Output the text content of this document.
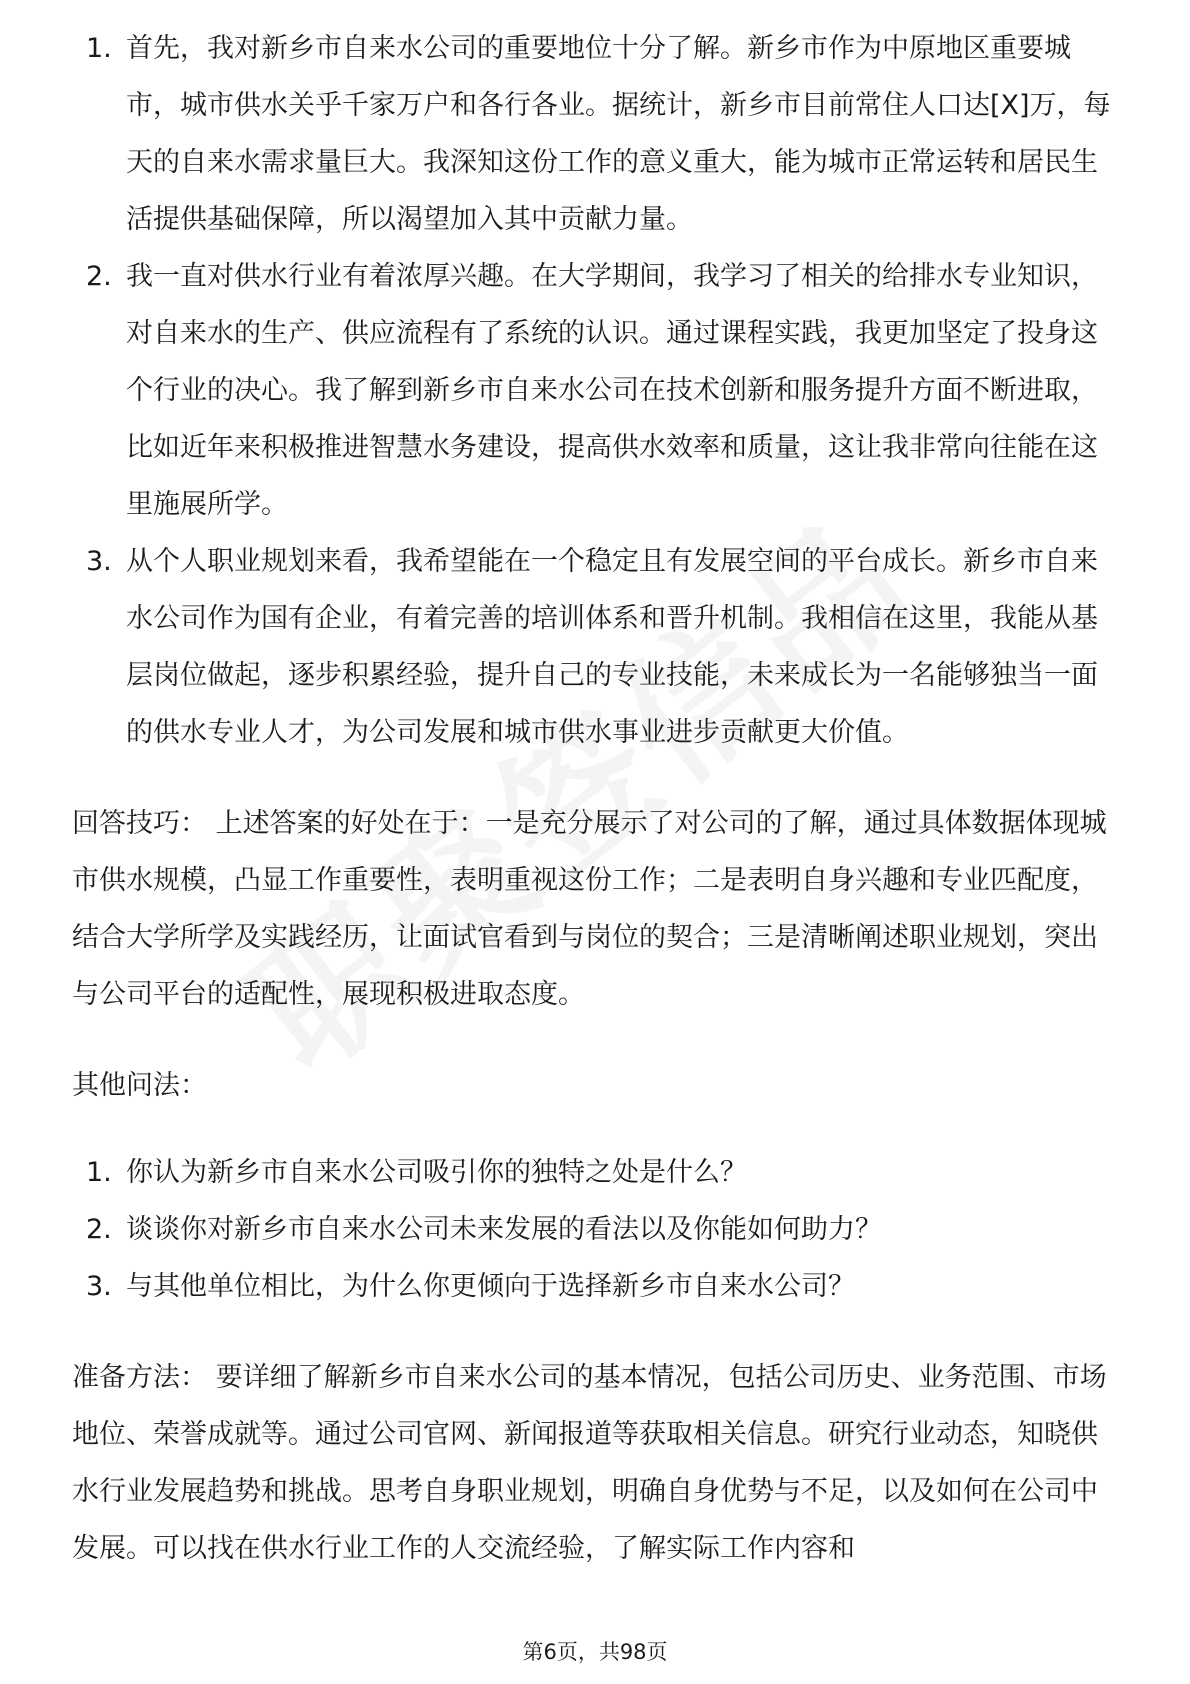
1. 首先，我对新乡市自来水公司的重要地位十分了解。新乡市作为中原地区重要城市，城市供水关乎千家万户和各行各业。据统计，新乡市目前常住人口达[X]万，每天的自来水需求量巨大。我深知这份工作的意义重大，能为城市正常运转和居民生活提供基础保障，所以渴望加入其中贡献力量。
2. 我一直对供水行业有着浓厚兴趣。在大学期间，我学习了相关的给排水专业知识，对自来水的生产、供应流程有了系统的认识。通过课程实践，我更加坚定了投身这个行业的决心。我了解到新乡市自来水公司在技术创新和服务提升方面不断进取，比如近年来积极推进智慧水务建设，提高供水效率和质量，这让我非常向往能在这里施展所学。
3. 从个人职业规划来看，我希望能在一个稳定且有发展空间的平台成长。新乡市自来水公司作为国有企业，有着完善的培训体系和晋升机制。我相信在这里，我能从基层岗位做起，逐步积累经验，提升自己的专业技能，未来成长为一名能够独当一面的供水专业人才，为公司发展和城市供水事业进步贡献更大价值。

回答技巧： 上述答案的好处在于：一是充分展示了对公司的了解，通过具体数据体现城市供水规模，凸显工作重要性，表明重视这份工作；二是表明自身兴趣和专业匹配度，结合大学所学及实践经历，让面试官看到与岗位的契合；三是清晰阐述职业规划，突出与公司平台的适配性，展现积极进取态度。

其他问法：

1. 你认为新乡市自来水公司吸引你的独特之处是什么？
2. 谈谈你对新乡市自来水公司未来发展的看法以及你能如何助力？
3. 与其他单位相比，为什么你更倾向于选择新乡市自来水公司？

准备方法： 要详细了解新乡市自来水公司的基本情况，包括公司历史、业务范围、市场地位、荣誉成就等。通过公司官网、新闻报道等获取相关信息。研究行业动态，知晓供水行业发展趋势和挑战。思考自身职业规划，明确自身优势与不足，以及如何在公司中发展。可以找在供水行业工作的人交流经验，了解实际工作内容和

第6页，共98页
